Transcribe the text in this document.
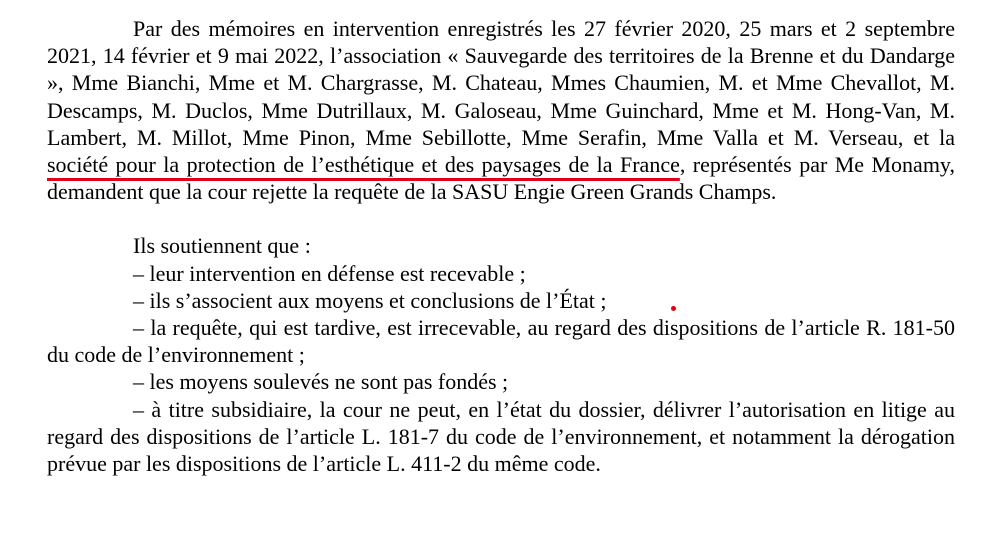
Par des mémoires en intervention enregistrés les 27 février 2020, 25 mars et 2 septembre 2021, 14 février et 9 mai 2022, l’association « Sauvegarde des territoires de la Brenne et du Dandarge », Mme Bianchi, Mme et M. Chargrasse, M. Chateau, Mmes Chaumien, M. et Mme Chevallot, M. Descamps, M. Duclos, Mme Dutrillaux, M. Galoseau, Mme Guinchard, Mme et M. Hong-Van, M. Lambert, M. Millot, Mme Pinon, Mme Sebillotte, Mme Serafin, Mme Valla et M. Verseau, et la société pour la protection de l’esthétique et des paysages de la France, représentés par Me Monamy, demandent que la cour rejette la requête de la SASU Engie Green Grands Champs.

Ils soutiennent que :

– leur intervention en défense est recevable ;

– ils s’associent aux moyens et conclusions de l’État ;

– la requête, qui est tardive, est irrecevable, au regard des dispositions de l’article R. 181-50 du code de l’environnement ;

– les moyens soulevés ne sont pas fondés ;

– à titre subsidiaire, la cour ne peut, en l’état du dossier, délivrer l’autorisation en litige au regard des dispositions de l’article L. 181-7 du code de l’environnement, et notamment la dérogation prévue par les dispositions de l’article L. 411-2 du même code.
